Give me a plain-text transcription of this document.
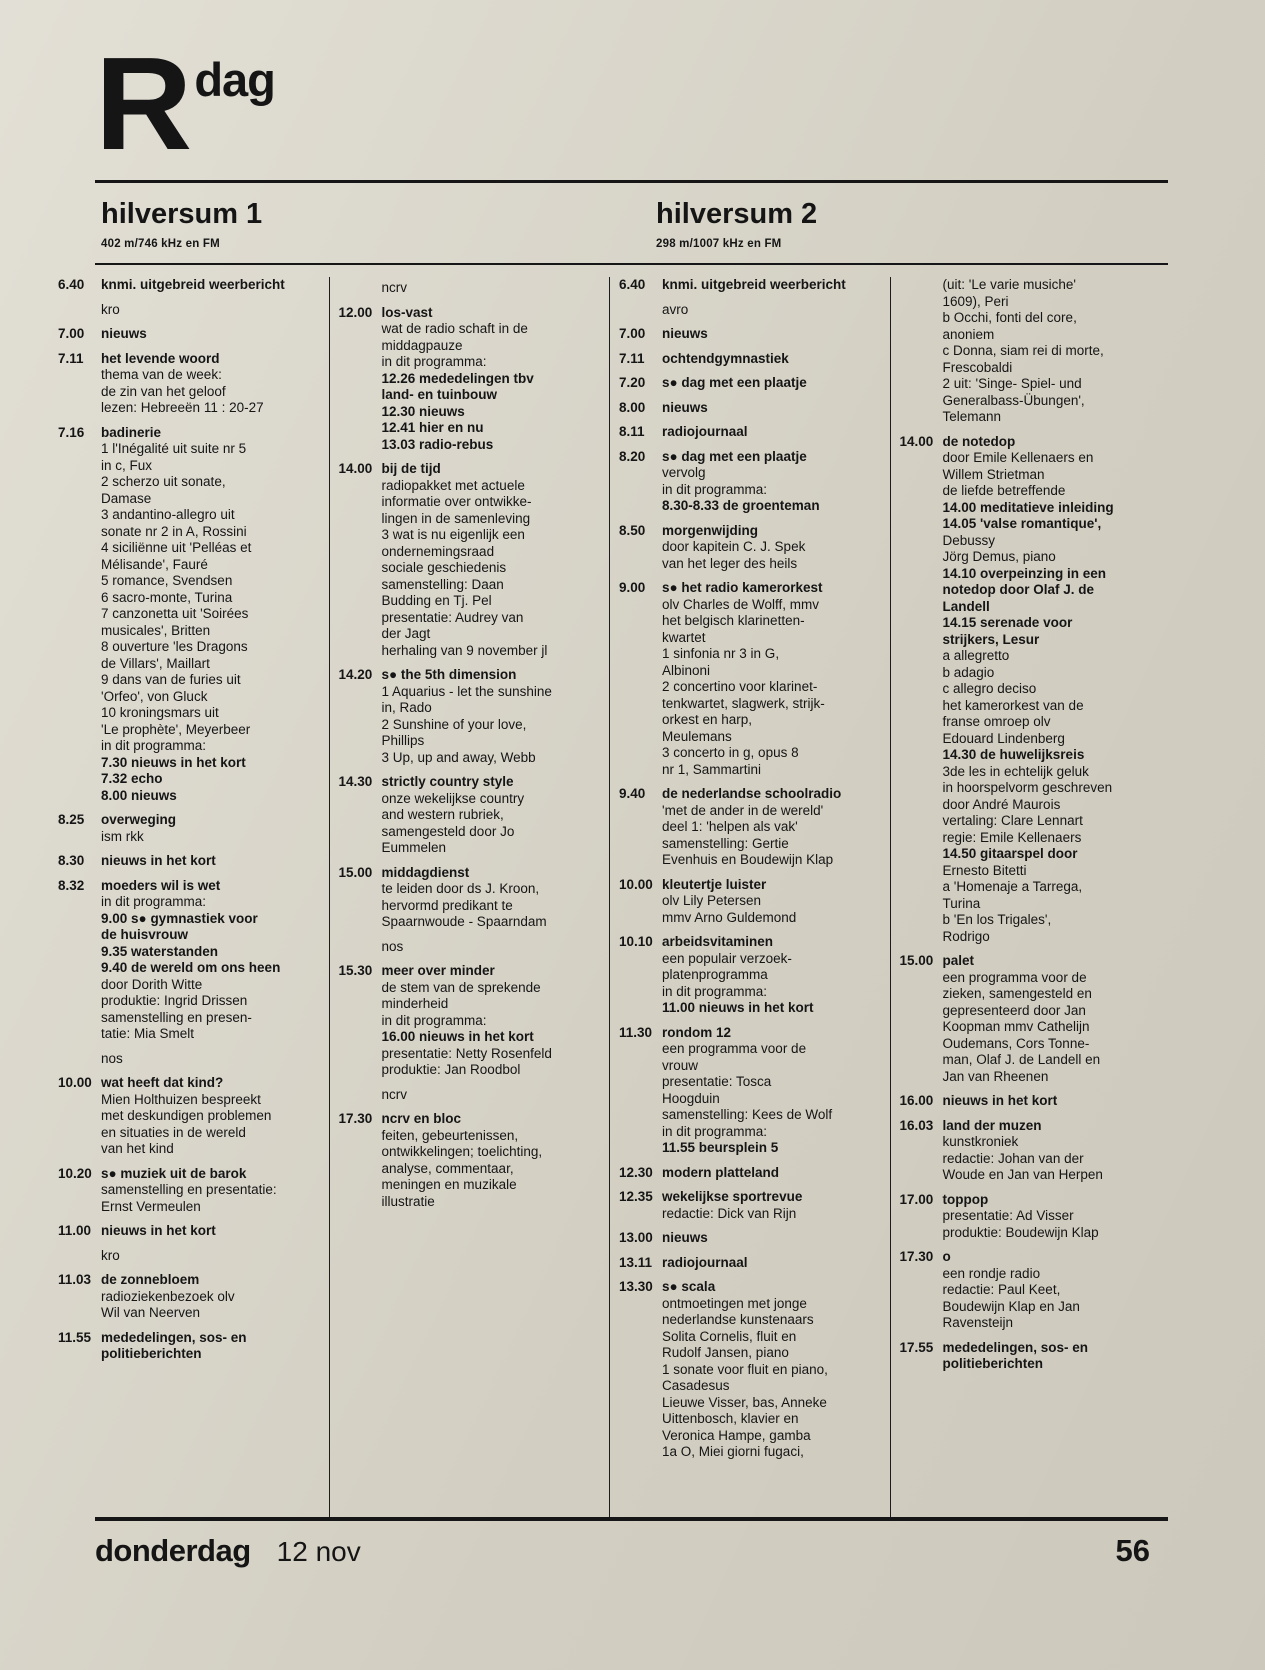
R dag
hilversum 1
402 m/746 kHz en FM
hilversum 2
298 m/1007 kHz en FM
6.40	knmi. uitgebreid weerbericht
kro
7.00	nieuws
7.11	het levende woord
thema van de week:
de zin van het geloof
lezen: Hebreeën 11 : 20-27
7.16	badinerie
1 l'Inégalité uit suite nr 5
in c, Fux
2 scherzo uit sonate,
Damase
3 andantino-allegro uit
sonate nr 2 in A, Rossini
4 siciliënne uit 'Pelléas et
Mélisande', Fauré
5 romance, Svendsen
6 sacro-monte, Turina
7 canzonetta uit 'Soirées
musicales', Britten
8 ouverture 'les Dragons
de Villars', Maillart
9 dans van de furies uit
'Orfeo', von Gluck
10 kroningsmars uit
'Le prophète', Meyerbeer
in dit programma:
7.30 nieuws in het kort
7.32 echo
8.00 nieuws
8.25	overweging
ism rkk
8.30	nieuws in het kort
8.32	moeders wil is wet
in dit programma:
9.00 s● gymnastiek voor
de huisvrouw
9.35 waterstanden
9.40 de wereld om ons heen
door Dorith Witte
produktie: Ingrid Drissen
samenstelling en presen-
tatie: Mia Smelt
nos
10.00 wat heeft dat kind?
Mien Holthuizen bespreekt
met deskundigen problemen
en situaties in de wereld
van het kind
10.20 s● muziek uit de barok
samenstelling en presentatie:
Ernst Vermeulen
11.00 nieuws in het kort
kro
11.03 de zonnebloem
radioziekenbezoek olv
Wil van Neerven
11.55 mededelingen, sos- en politieberichten
ncrv
12.00 los-vast
wat de radio schaft in de
middagpauze
in dit programma:
12.26 mededelingen tbv
land- en tuinbouw
12.30 nieuws
12.41 hier en nu
13.03 radio-rebus
14.00 bij de tijd
radiopakket met actuele
informatie over ontwikke-
lingen in de samenleving
3 wat is nu eigenlijk een
ondernemingsraad
sociale geschiedenis
samenstelling: Daan
Budding en Tj. Pel
presentatie: Audrey van
der Jagt
herhaling van 9 november jl
14.20 s● the 5th dimension
1 Aquarius - let the sunshine
in, Rado
2 Sunshine of your love,
Phillips
3 Up, up and away, Webb
14.30 strictly country style
onze wekelijkse country
and western rubriek,
samengesteld door Jo
Eummelen
15.00 middagdienst
te leiden door ds J. Kroon,
hervormd predikant te
Spaarnwoude - Spaarndam
nos
15.30 meer over minder
de stem van de sprekende
minderheid
in dit programma:
16.00 nieuws in het kort
presentatie: Netty Rosenfeld
produktie: Jan Roodbol
ncrv
17.30 ncrv en bloc
feiten, gebeurtenissen,
ontwikkelingen; toelichting,
analyse, commentaar,
meningen en muzikale
illustratie
6.40	knmi. uitgebreid weerbericht
avro
7.00	nieuws
7.11	ochtendgymnastiek
7.20	s● dag met een plaatje
8.00	nieuws
8.11	radiojournaal
8.20	s● dag met een plaatje
vervolg
in dit programma:
8.30-8.33 de groenteman
8.50	morgenwijding
door kapitein C. J. Spek
van het leger des heils
9.00	s● het radio kamerorkest
olv Charles de Wolff, mmv
het belgisch klarinetten-
kwartet
1 sinfonia nr 3 in G,
Albinoni
2 concertino voor klarinet-
tenkwartet, slagwerk, strijk-
orkest en harp,
Meulemans
3 concerto in g, opus 8
nr 1, Sammartini
9.40	de nederlandse schoolradio
'met de ander in de wereld'
deel 1: 'helpen als vak'
samenstelling: Gertie
Evenhuis en Boudewijn Klap
10.00 kleutertje luister
olv Lily Petersen
mmv Arno Guldemond
10.10 arbeidsvitaminen
een populair verzoek-
platenprogramma
in dit programma:
11.00 nieuws in het kort
11.30 rondom 12
een programma voor de
vrouw
presentatie: Tosca
Hoogduin
samenstelling: Kees de Wolf
in dit programma:
11.55 beursplein 5
12.30 modern platteland
12.35 wekelijkse sportrevue
redactie: Dick van Rijn
13.00 nieuws
13.11 radiojournaal
13.30 s● scala
ontmoetingen met jonge
nederlandse kunstenaars
Solita Cornelis, fluit en
Rudolf Jansen, piano
1 sonate voor fluit en piano,
Casadesus
Lieuwe Visser, bas, Anneke
Uittenbosch, klavier en
Veronica Hampe, gamba
1a O, Miei giorni fugaci,
(uit: 'Le varie musiche'
1609), Peri
b Occhi, fonti del core,
anoniem
c Donna, siam rei di morte,
Frescobaldi
2 uit: 'Singe- Spiel- und
Generalbass-Übungen',
Telemann
14.00 de notedop
door Emile Kellenaers en
Willem Strietman
de liefde betreffende
14.00 meditatieve inleiding
14.05 'valse romantique',
Debussy
Jörg Demus, piano
14.10 overpeinzing in een
notedop door Olaf J. de
Landell
14.15 serenade voor
strijkers, Lesur
a allegretto
b adagio
c allegro deciso
het kamerorkest van de
franse omroep olv
Edouard Lindenberg
14.30 de huwelijksreis
3de les in echtelijk geluk
in hoorspelvorm geschreven
door André Maurois
vertaling: Clare Lennart
regie: Emile Kellenaers
14.50 gitaarspel door
Ernesto Bitetti
a 'Homenaje a Tarrega,
Turina
b 'En los Trigales',
Rodrigo
15.00 palet
een programma voor de
zieken, samengesteld en
gepresenteerd door Jan
Koopman mmv Cathelijn
Oudemans, Cors Tonne-
man, Olaf J. de Landell en
Jan van Rheenen
16.00 nieuws in het kort
16.03 land der muzen
kunstkroniek
redactie: Johan van der
Woude en Jan van Herpen
17.00 toppop
presentatie: Ad Visser
produktie: Boudewijn Klap
17.30 o
een rondje radio
redactie: Paul Keet,
Boudewijn Klap en Jan
Ravensteijn
17.55 mededelingen, sos- en politieberichten
donderdag 12 nov	56
